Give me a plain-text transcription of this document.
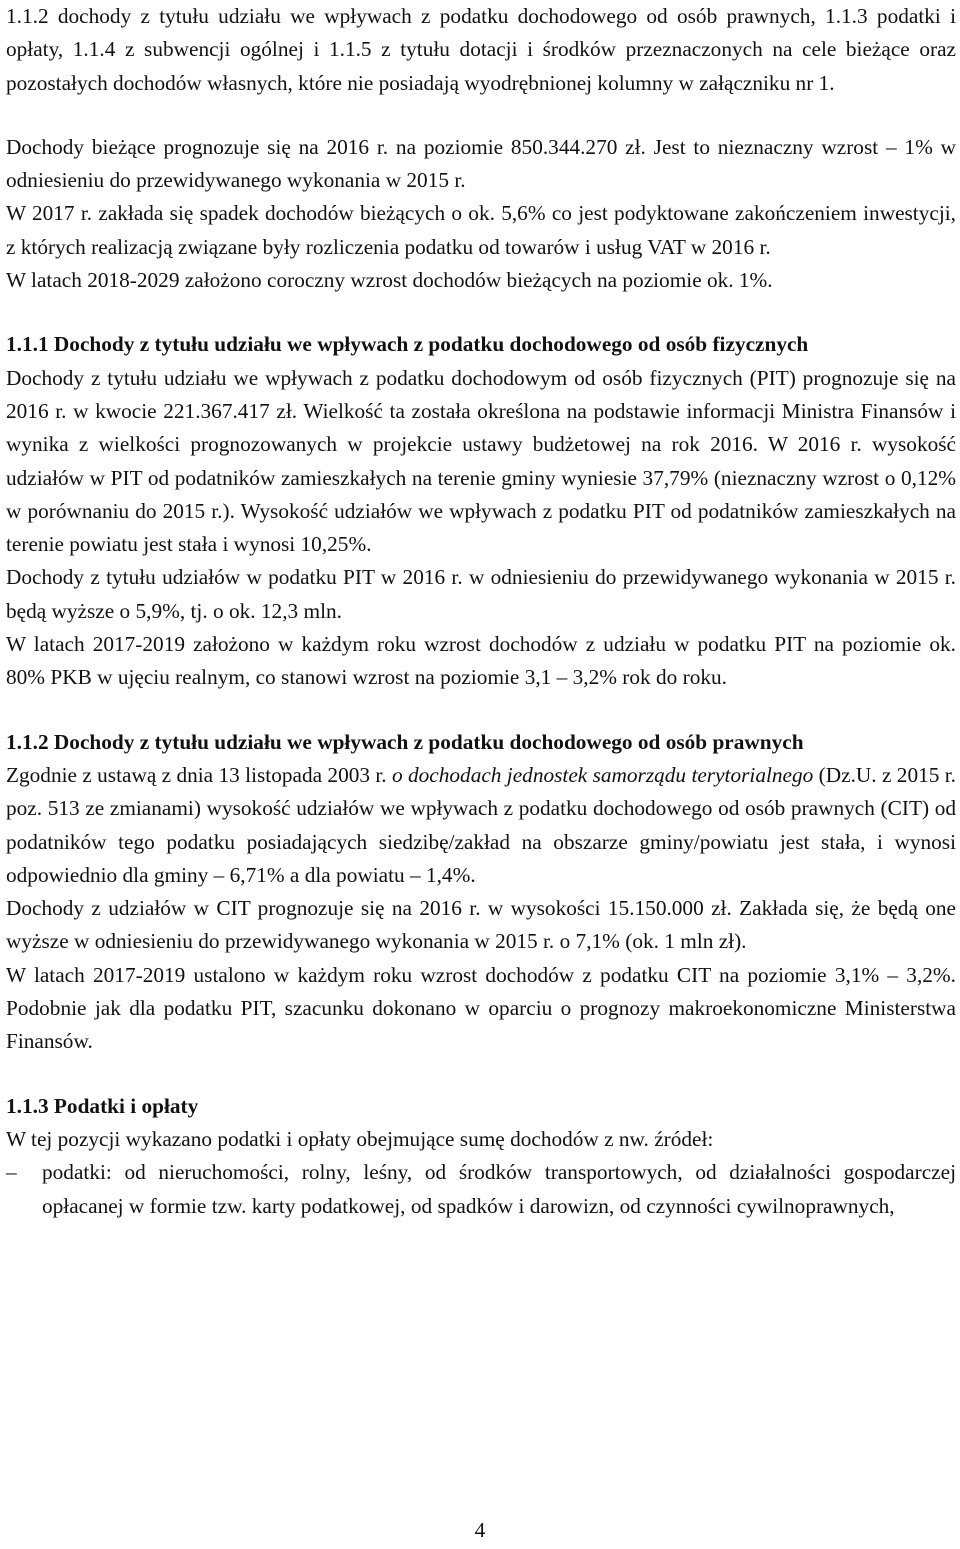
1.1.2 dochody z tytułu udziału we wpływach z podatku dochodowego od osób prawnych, 1.1.3 podatki i opłaty, 1.1.4 z subwencji ogólnej i 1.1.5 z tytułu dotacji i środków przeznaczonych na cele bieżące oraz pozostałych dochodów własnych, które nie posiadają wyodrębnionej kolumny w załączniku nr 1.

Dochody bieżące prognozuje się na 2016 r. na poziomie 850.344.270 zł. Jest to nieznaczny wzrost – 1% w odniesieniu do przewidywanego wykonania w 2015 r.

W 2017 r. zakłada się spadek dochodów bieżących o ok. 5,6% co jest podyktowane zakończeniem inwestycji, z których realizacją związane były rozliczenia podatku od towarów i usług VAT w 2016 r.

W latach 2018-2029 założono coroczny wzrost dochodów bieżących na poziomie ok. 1%.

1.1.1 Dochody z tytułu udziału we wpływach z podatku dochodowego od osób fizycznych

Dochody z tytułu udziału we wpływach z podatku dochodowym od osób fizycznych (PIT) prognozuje się na 2016 r. w kwocie 221.367.417 zł. Wielkość ta została określona na podstawie informacji Ministra Finansów i wynika z wielkości prognozowanych w projekcie ustawy budżetowej na rok 2016. W 2016 r. wysokość udziałów w PIT od podatników zamieszkałych na terenie gminy wyniesie 37,79% (nieznaczny wzrost o 0,12% w porównaniu do 2015 r.). Wysokość udziałów we wpływach z podatku PIT od podatników zamieszkałych na terenie powiatu jest stała i wynosi 10,25%.

Dochody z tytułu udziałów w podatku PIT w 2016 r. w odniesieniu do przewidywanego wykonania w 2015 r. będą wyższe o 5,9%, tj. o ok. 12,3 mln.

W latach 2017-2019 założono w każdym roku wzrost dochodów z udziału w podatku PIT na poziomie ok. 80% PKB w ujęciu realnym, co stanowi wzrost na poziomie 3,1 – 3,2% rok do roku.

1.1.2 Dochody z tytułu udziału we wpływach z podatku dochodowego od osób prawnych

Zgodnie z ustawą z dnia 13 listopada 2003 r. o dochodach jednostek samorządu terytorialnego (Dz.U. z 2015 r. poz. 513 ze zmianami) wysokość udziałów we wpływach z podatku dochodowego od osób prawnych (CIT) od podatników tego podatku posiadających siedzibę/zakład na obszarze gminy/powiatu jest stała, i wynosi odpowiednio dla gminy – 6,71% a dla powiatu – 1,4%.

Dochody z udziałów w CIT prognozuje się na 2016 r. w wysokości 15.150.000 zł. Zakłada się, że będą one wyższe w odniesieniu do przewidywanego wykonania w 2015 r. o 7,1% (ok. 1 mln zł).

W latach 2017-2019 ustalono w każdym roku wzrost dochodów z podatku CIT na poziomie 3,1% – 3,2%. Podobnie jak dla podatku PIT, szacunku dokonano w oparciu o prognozy makroekonomiczne Ministerstwa Finansów.

1.1.3 Podatki i opłaty

W tej pozycji wykazano podatki i opłaty obejmujące sumę dochodów z nw. źródeł:

– podatki: od nieruchomości, rolny, leśny, od środków transportowych, od działalności gospodarczej opłacanej w formie tzw. karty podatkowej, od spadków i darowizn, od czynności cywilnoprawnych,
4
